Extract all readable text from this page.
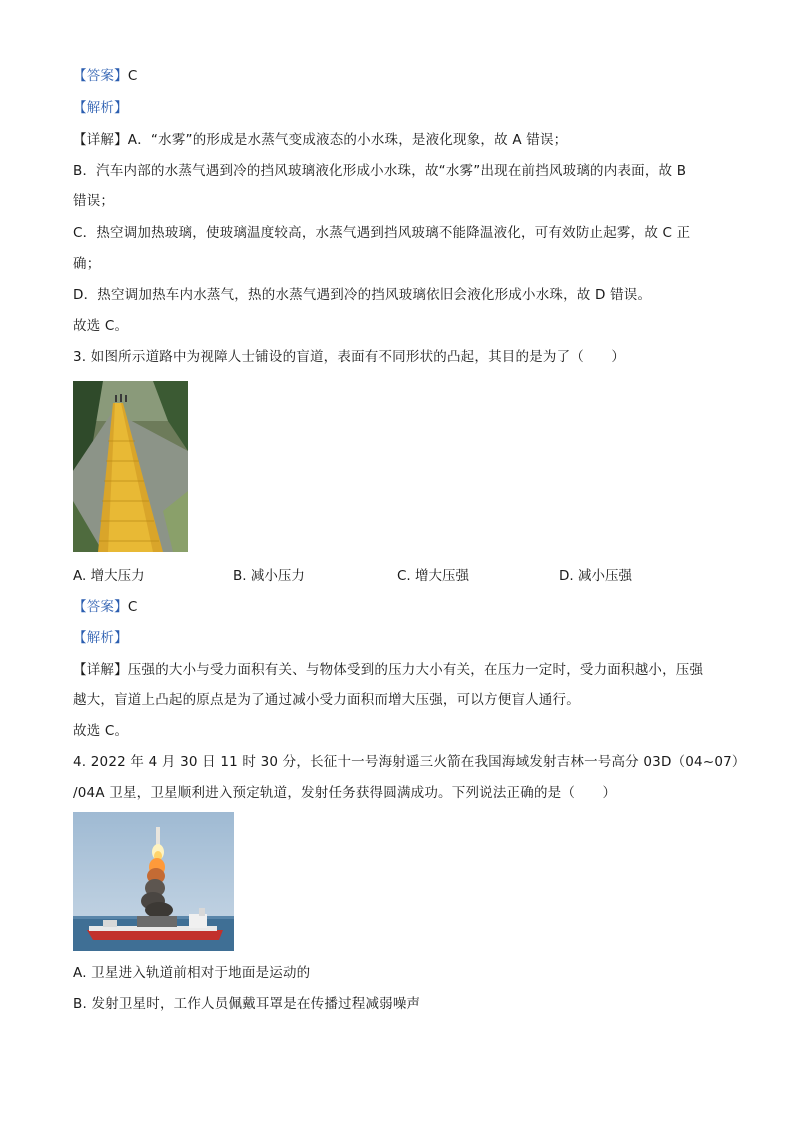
【答案】C
【解析】
【详解】A．“水雾”的形成是水蒸气变成液态的小水珠，是液化现象，故 A 错误；
B．汽车内部的水蒸气遇到冷的挡风玻璃液化形成小水珠，故“水雾”出现在前挡风玻璃的内表面，故 B
错误；
C．热空调加热玻璃，使玻璃温度较高，水蒸气遇到挡风玻璃不能降温液化，可有效防止起雾，故 C 正
确；
D．热空调加热车内水蒸气，热的水蒸气遇到冷的挡风玻璃依旧会液化形成小水珠，故 D 错误。
故选 C。
3. 如图所示道路中为视障人士铺设的盲道，表面有不同形状的凸起，其目的是为了（　　）
A. 增大压力	B. 减小压力	C. 增大压强	D. 减小压强
【答案】C
【解析】
【详解】压强的大小与受力面积有关、与物体受到的压力大小有关，在压力一定时，受力面积越小，压强
越大，盲道上凸起的原点是为了通过减小受力面积而增大压强，可以方便盲人通行。
故选 C。
4. 2022 年 4 月 30 日 11 时 30 分，长征十一号海射遥三火箭在我国海域发射吉林一号高分 03D（04~07）
/04A 卫星，卫星顺利进入预定轨道，发射任务获得圆满成功。下列说法正确的是（　　）
A. 卫星进入轨道前相对于地面是运动的
B. 发射卫星时，工作人员佩戴耳罩是在传播过程减弱噪声
